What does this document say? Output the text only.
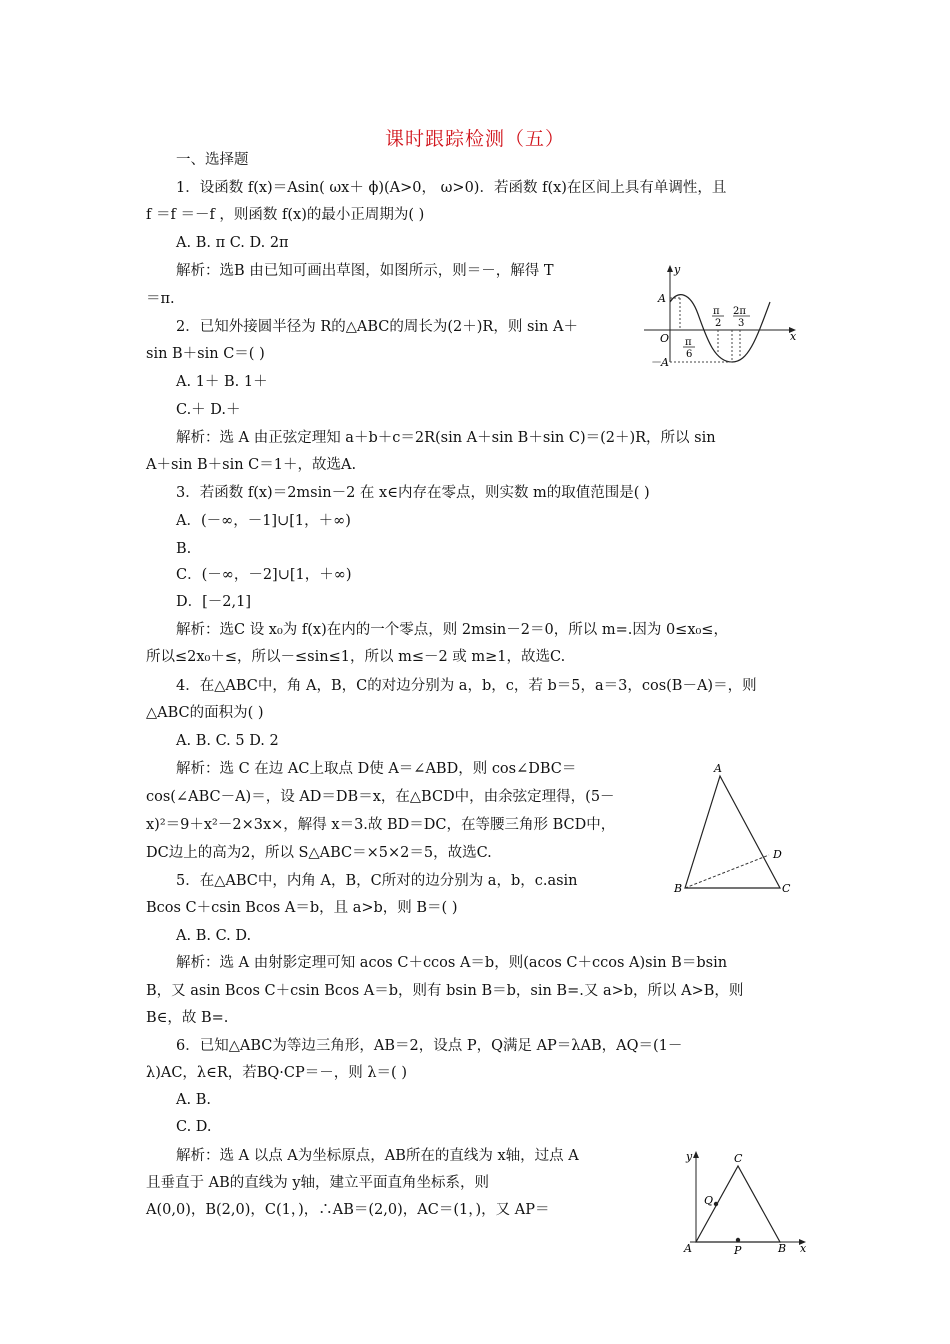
课时跟踪检测（五）
一、选择题
1．设函数 f(x)＝Asin( ωx＋ ϕ)(A>0， ω>0)．若函数 f(x)在区间上具有单调性，且
f ＝f ＝－f ，则函数 f(x)的最小正周期为( )
A. B. π C. D. 2π
解析：选B 由已知可画出草图，如图所示，则＝－，解得 T
＝π.
2．已知外接圆半径为 R的△ABC的周长为(2＋)R，则 sin A＋
sin B＋sin C＝( )
A. 1＋ B. 1＋
C.＋ D.＋
解析：选 A 由正弦定理知 a＋b＋c＝2R(sin A＋sin B＋sin C)＝(2＋)R，所以 sin
A＋sin B＋sin C＝1＋，故选A.
3．若函数 f(x)＝2msin－2 在 x∈内存在零点，则实数 m的取值范围是( )
A．(－∞，－1]∪[1，＋∞)
B.
C．(－∞，－2]∪[1，＋∞)
D．[－2,1]
解析：选C 设 x₀为 f(x)在内的一个零点，则 2msin－2＝0，所以 m=.因为 0≤x₀≤，
所以≤2x₀＋≤，所以－≤sin≤1，所以 m≤－2 或 m≥1，故选C.
4．在△ABC中，角 A，B，C的对边分别为 a，b，c，若 b＝5，a＝3，cos(B－A)＝，则
△ABC的面积为( )
A. B. C. 5 D. 2
解析：选 C 在边 AC上取点 D使 A＝∠ABD，则 cos∠DBC＝
cos(∠ABC－A)＝，设 AD＝DB＝x，在△BCD中，由余弦定理得，(5－
x)²＝9＋x²－2×3x×，解得 x＝3.故 BD＝DC，在等腰三角形 BCD中，
DC边上的高为2，所以 S△ABC＝×5×2＝5，故选C.
5．在△ABC中，内角 A，B，C所对的边分别为 a，b，c.asin
Bcos C＋csin Bcos A＝b，且 a>b，则 B＝( )
A. B. C. D.
解析：选 A 由射影定理可知 acos C＋ccos A＝b，则(acos C＋ccos A)sin B＝bsin
B，又 asin Bcos C＋csin Bcos A＝b，则有 bsin B＝b，sin B=.又 a>b，所以 A>B，则
B∈，故 B=.
6．已知△ABC为等边三角形，AB＝2，设点 P，Q满足 AP＝λAB，AQ＝(1－
λ)AC，λ∈R，若BQ·CP＝－，则 λ＝( )
A. B.
C. D.
解析：选 A 以点 A为坐标原点，AB所在的直线为 x轴，过点 A
且垂直于 AB的直线为 y轴，建立平面直角坐标系，则
A(0,0)，B(2,0)，C(1，)，∴AB＝(2,0)，AC＝(1，)，又 AP＝
y
x
O
A
－A
π
6
π
2
2π
3
A
B	C
D
y
x
A	B
C
P
Q
